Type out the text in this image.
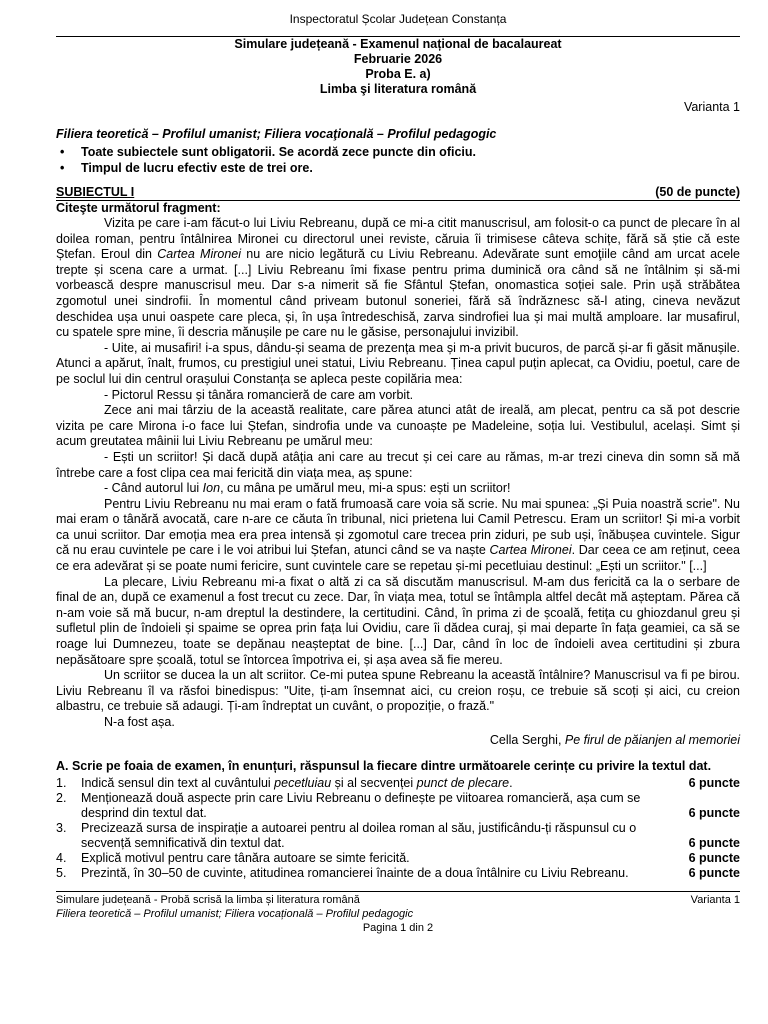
Inspectoratul Școlar Județean Constanța
Simulare județeană - Examenul național de bacalaureat
Februarie 2026
Proba E. a)
Limba şi literatura română
Varianta 1
Filiera teoretică – Profilul umanist; Filiera vocaţională – Profilul pedagogic
• Toate subiectele sunt obligatorii. Se acordă zece puncte din oficiu.
• Timpul de lucru efectiv este de trei ore.
SUBIECTUL I	(50 de puncte)
Citeşte următorul fragment:

Vizita pe care i-am făcut-o lui Liviu Rebreanu, după ce mi-a citit manuscrisul, am folosit-o ca punct de plecare în al doilea roman, pentru întâlnirea Mironei cu directorul unei reviste, căruia îi trimisese câteva schițe, fără să știe că este Ștefan. Eroul din Cartea Mironei nu are nicio legătură cu Liviu Rebreanu. Adevărate sunt emoţiile când am urcat acele trepte și scena care a urmat. [...] Liviu Rebreanu îmi fixase pentru prima duminică ora când să ne întâlnim și să-mi vorbească despre manuscrisul meu. Dar s-a nimerit să fie Sfântul Ștefan, onomastica soției sale. Prin ușă străbătea zgomotul unei sindrofii. În momentul când priveam butonul soneriei, fără să îndrăznesc să-l ating, cineva nevăzut deschidea ușa unui oaspete care pleca, și, în ușa întredeschisă, zarva sindrofiei lua și mai multă amploare. Iar musafirul, cu spatele spre mine, îi descria mănușile pe care nu le găsise, personajului invizibil.

- Uite, ai musafiri! i-a spus, dându-și seama de prezența mea și m-a privit bucuros, de parcă și-ar fi găsit mănușile. Atunci a apărut, înalt, frumos, cu prestigiul unei statui, Liviu Rebreanu. Ținea capul puțin aplecat, ca Ovidiu, poetul, care de pe soclul lui din centrul orașului Constanța se apleca peste copilăria mea:

- Pictorul Ressu și tânăra romancieră de care am vorbit.

Zece ani mai târziu de la această realitate, care părea atunci atât de ireală, am plecat, pentru ca să pot descrie vizita pe care Mirona i-o face lui Ștefan, sindrofia unde va cunoaște pe Madeleine, soția lui. Vestibulul, același. Simt și acum greutatea mâinii lui Liviu Rebreanu pe umărul meu:

- Ești un scriitor! Și dacă după atâția ani care au trecut și cei care au rămas, m-ar trezi cineva din somn să mă întrebe care a fost clipa cea mai fericită din viața mea, aș spune:

- Când autorul lui Ion, cu mâna pe umărul meu, mi-a spus: ești un scriitor!

Pentru Liviu Rebreanu nu mai eram o fată frumoasă care voia să scrie. Nu mai spunea: „Și Puia noastră scrie". Nu mai eram o tânără avocată, care n-are ce căuta în tribunal, nici prietena lui Camil Petrescu. Eram un scriitor! Și mi-a vorbit ca unui scriitor. Dar emoția mea era prea intensă și zgomotul care trecea prin ziduri, pe sub uși, înăbușea cuvintele. Sigur că nu erau cuvintele pe care i le voi atribui lui Ștefan, atunci când se va naște Cartea Mironei. Dar ceea ce am reținut, ceea ce era adevărat și se poate numi fericire, sunt cuvintele care se repetau și-mi pecetluiau destinul: „Ești un scriitor." [...]

La plecare, Liviu Rebreanu mi-a fixat o altă zi ca să discutăm manuscrisul. M-am dus fericită ca la o serbare de final de an, după ce examenul a fost trecut cu zece. Dar, în viața mea, totul se întâmpla altfel decât mă așteptam. Părea că n-am voie să mă bucur, n-am dreptul la destindere, la certitudini. Când, în prima zi de școală, fetița cu ghiozdanul greu și sufletul plin de îndoieli și spaime se oprea prin fața lui Ovidiu, care îi dădea curaj, și mai departe în fața geamiei, ca să se roage lui Dumnezeu, toate se depănau neașteptat de bine. [...] Dar, când în loc de îndoieli avea certitudini și zbura nepăsătoare spre școală, totul se întorcea împotriva ei, și așa avea să fie mereu.

Un scriitor se ducea la un alt scriitor. Ce-mi putea spune Rebreanu la această întâlnire? Manuscrisul va fi pe birou. Liviu Rebreanu îl va răsfoi binedispus: "Uite, ți-am însemnat aici, cu creion roșu, ce trebuie să scoți și aici, cu creion albastru, ce trebuie să adaugi. Ți-am îndreptat un cuvânt, o propoziție, o frază."

N-a fost așa.

Cella Serghi, Pe firul de păianjen al memoriei
A. Scrie pe foaia de examen, în enunțuri, răspunsul la fiecare dintre următoarele cerințe cu privire la textul dat.
1.	Indică sensul din text al cuvântului pecetluiau și al secvenței punct de plecare.	6 puncte
2.	Menționează două aspecte prin care Liviu Rebreanu o definește pe viitoarea romancieră, așa cum se desprind din textul dat.	6 puncte
3.	Precizează sursa de inspirație a autoarei pentru al doilea roman al său, justificându-ți răspunsul cu o secvență semnificativă din textul dat.	6 puncte
4.	Explică motivul pentru care tânăra autoare se simte fericită.	6 puncte
5.	Prezintă, în 30–50 de cuvinte, atitudinea romancierei înainte de a doua întâlnire cu Liviu Rebreanu.	6 puncte
Simulare județeană - Probă scrisă la limba și literatura română	Varianta 1
Filiera teoretică – Profilul umanist; Filiera vocațională – Profilul pedagogic
Pagina 1 din 2
